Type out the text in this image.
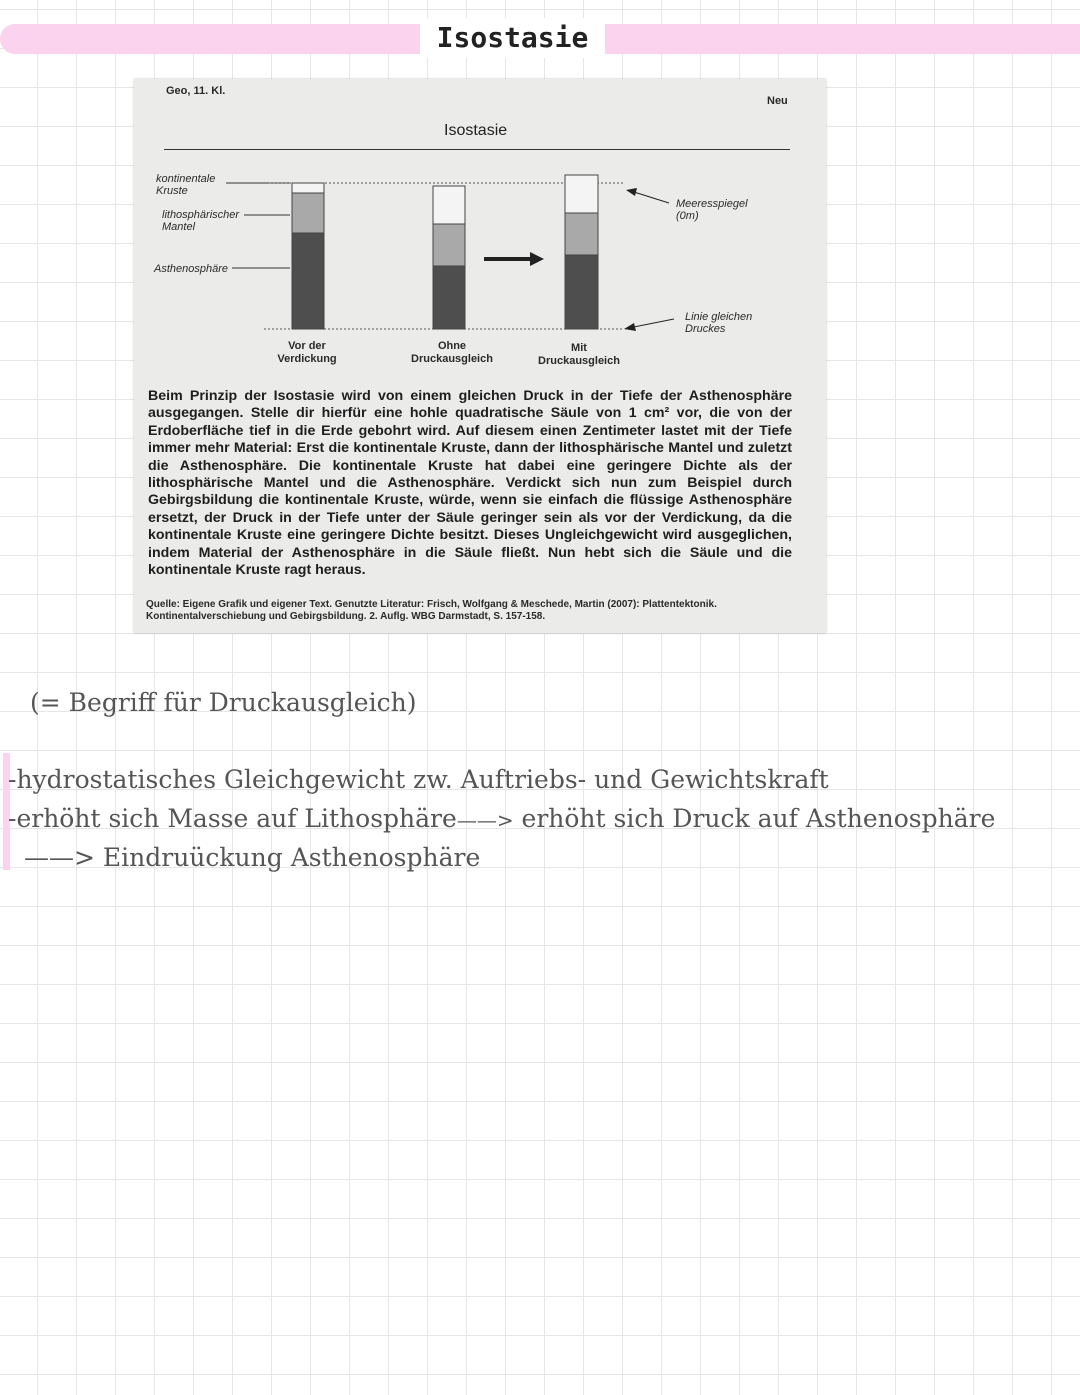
Isostasie
Geo, 11. Kl.
Neu
Isostasie
kontinentale
Kruste
lithosphärischer
Mantel
Asthenosphäre
Meeresspiegel
(0m)
Linie gleichen
Druckes
Vor der
Verdickung
Ohne
Druckausgleich
Mit
Druckausgleich
Beim Prinzip der Isostasie wird von einem gleichen Druck in der Tiefe der Asthenosphäre ausgegangen. Stelle dir hierfür eine hohle quadratische Säule von 1 cm² vor, die von der Erdoberfläche tief in die Erde gebohrt wird. Auf diesem einen Zentimeter lastet mit der Tiefe immer mehr Material: Erst die kontinentale Kruste, dann der lithosphärische Mantel und zuletzt die Asthenosphäre. Die kontinentale Kruste hat dabei eine geringere Dichte als der lithosphärische Mantel und die Asthenosphäre. Verdickt sich nun zum Beispiel durch Gebirgsbildung die kontinentale Kruste, würde, wenn sie einfach die flüssige Asthenosphäre ersetzt, der Druck in der Tiefe unter der Säule geringer sein als vor der Verdickung, da die kontinentale Kruste eine geringere Dichte besitzt. Dieses Ungleichgewicht wird ausgeglichen, indem Material der Asthenosphäre in die Säule fließt. Nun hebt sich die Säule und die kontinentale Kruste ragt heraus.
Quelle: Eigene Grafik und eigener Text. Genutzte Literatur: Frisch, Wolfgang & Meschede, Martin (2007): Plattentektonik. Kontinentalverschiebung und Gebirgsbildung. 2. Auflg. WBG Darmstadt, S. 157-158.
(= Begriff für Druckausgleich)
-hydrostatisches Gleichgewicht zw. Auftriebs- und Gewichtskraft
-erhöht sich Masse auf Lithosphäre——> erhöht sich Druck auf Asthenosphäre
——> Eindruückung Asthenosphäre
